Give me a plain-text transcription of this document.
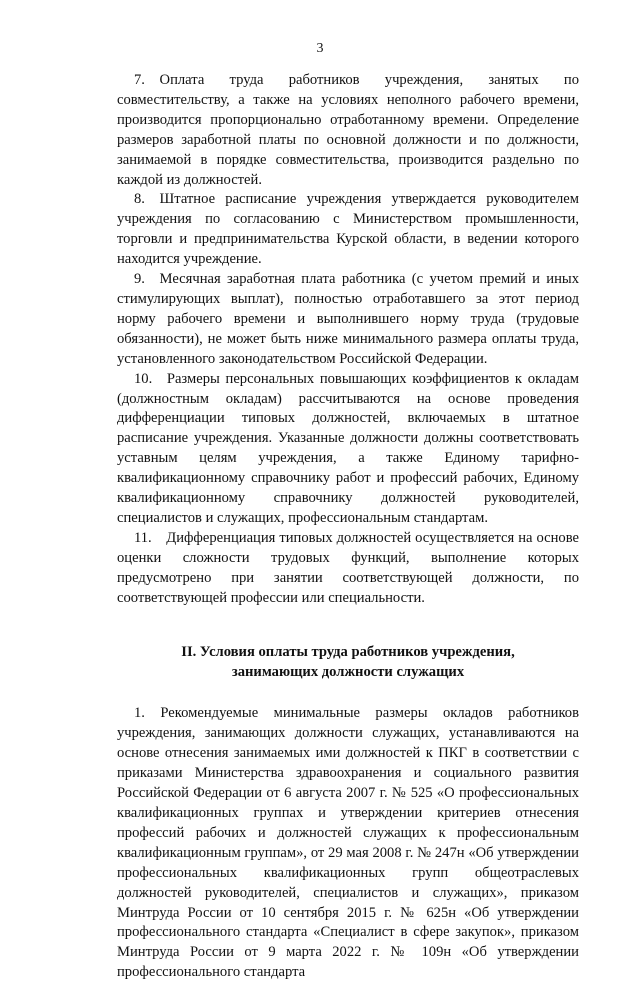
3

7. Оплата труда работников учреждения, занятых по совместительству, а также на условиях неполного рабочего времени, производится пропорционально отработанному времени. Определение размеров заработной платы по основной должности и по должности, занимаемой в порядке совместительства, производится раздельно по каждой из должностей.

8. Штатное расписание учреждения утверждается руководителем учреждения по согласованию с Министерством промышленности, торговли и предпринимательства Курской области, в ведении которого находится учреждение.

9. Месячная заработная плата работника (с учетом премий и иных стимулирующих выплат), полностью отработавшего за этот период норму рабочего времени и выполнившего норму труда (трудовые обязанности), не может быть ниже минимального размера оплаты труда, установленного законодательством Российской Федерации.

10. Размеры персональных повышающих коэффициентов к окладам (должностным окладам) рассчитываются на основе проведения дифференциации типовых должностей, включаемых в штатное расписание учреждения. Указанные должности должны соответствовать уставным целям учреждения, а также Единому тарифно-квалификационному справочнику работ и профессий рабочих, Единому квалификационному справочнику должностей руководителей, специалистов и служащих, профессиональным стандартам.

11. Дифференциация типовых должностей осуществляется на основе оценки сложности трудовых функций, выполнение которых предусмотрено при занятии соответствующей должности, по соответствующей профессии или специальности.

II. Условия оплаты труда работников учреждения,
занимающих должности служащих

1. Рекомендуемые минимальные размеры окладов работников учреждения, занимающих должности служащих, устанавливаются на основе отнесения занимаемых ими должностей к ПКГ в соответствии с приказами Министерства здравоохранения и социального развития Российской Федерации от 6 августа 2007 г. № 525 «О профессиональных квалификационных группах и утверждении критериев отнесения профессий рабочих и должностей служащих к профессиональным квалификационным группам», от 29 мая 2008 г. № 247н «Об утверждении профессиональных квалификационных групп общеотраслевых должностей руководителей, специалистов и служащих», приказом Минтруда России от 10 сентября 2015 г. № 625н «Об утверждении профессионального стандарта «Специалист в сфере закупок», приказом Минтруда России от 9 марта 2022 г. № 109н «Об утверждении профессионального стандарта
